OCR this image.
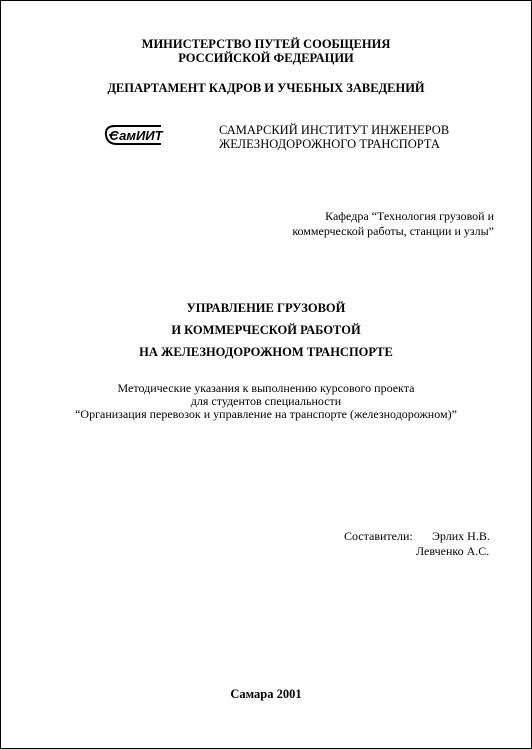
МИНИСТЕРСТВО ПУТЕЙ СООБЩЕНИЯ
РОССИЙСКОЙ ФЕДЕРАЦИИ
ДЕПАРТАМЕНТ КАДРОВ И УЧЕБНЫХ ЗАВЕДЕНИЙ
СамИИТ	САМАРСКИЙ ИНСТИТУТ ИНЖЕНЕРОВ
ЖЕЛЕЗНОДОРОЖНОГО ТРАНСПОРТА
Кафедра “Технология грузовой и
коммерческой работы, станции и узлы”
УПРАВЛЕНИЕ ГРУЗОВОЙ
И КОММЕРЧЕСКОЙ РАБОТОЙ
НА ЖЕЛЕЗНОДОРОЖНОМ ТРАНСПОРТЕ
Методические указания к выполнению курсового проекта
для студентов специальности
“Организация перевозок и управление на транспорте (железнодорожном)”
Составители: Эрлих Н.В.
Левченко А.С.
Самара 2001
